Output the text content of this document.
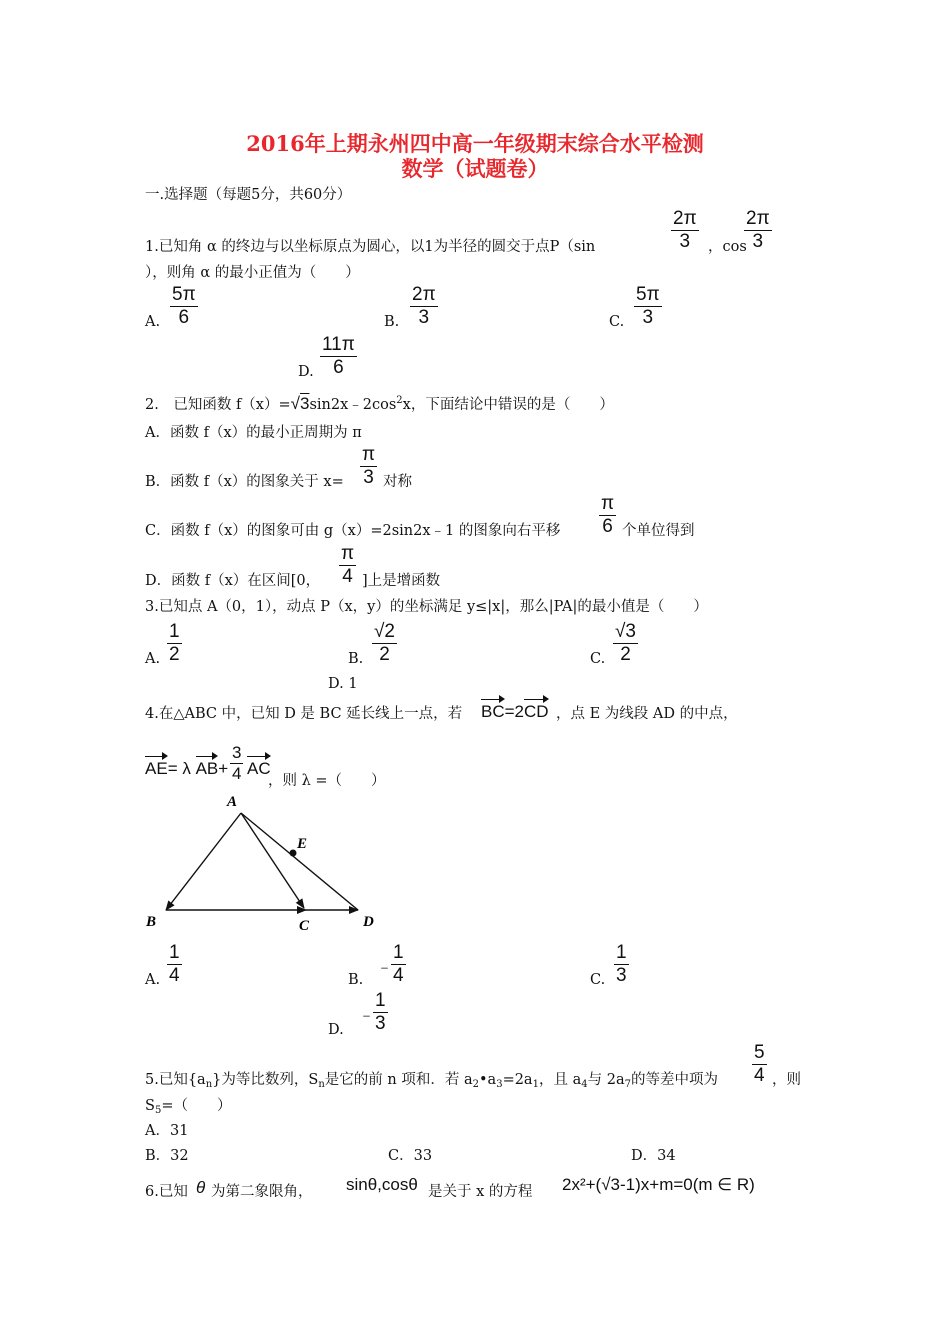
2016年上期永州四中高一年级期末综合水平检测
数学（试题卷）
一.选择题（每题5分，共60分）
2π
3
2π
3
1.已知角 α 的终边与以坐标原点为圆心，以1为半径的圆交于点P（sin	，cos
），则角 α 的最小正值为（　　）
A.
5π
6	B.
2π
3	C.
5π
3
D.
11π
6
2.　已知函数 $f(x)=√3\sin 2x﹣2\cos^2x$，下面结论中错误的是（　　）
A．函数 f（x）的最小正周期为 π
B．函数 f（x）的图象关于 x=
π
3 对称
C．函数 f（x）的图象可由 g（x）=2sin2x﹣1 的图象向右平移
π
6 个单位得到
D．函数 f（x）在区间[0，
π
4 ]上是增函数
3.已知点 A（0，1），动点 P（x，y）的坐标满足 y≤|x|，那么|PA|的最小值是（　　）
A.
1
2	B.
√2
2	C.
√3
2
D. 1
4.在△ABC 中，已知 D 是 BC 延长线上一点，若 BC=2CD ，点 E 为线段 AD 的中点，
AE= λ AB+
3
4 AC
，则 λ =（　　）
A
B	C	D
E
A.
1
4	B.
﹣
1
4	C.
1
3
D.
﹣
1
3
5
4
5.已知$\{a_n\}$为等比数列，$S_n$是它的前 n 项和．若 $a_2•a_3=2a_1$，且 $a_4$与 $2a_7$的等差中项为	，则
$S_5=$（　　）
A．31
B．32	C．33	D．34
6.已知 θ 为第二象限角， sinθ,cosθ 是关于 x 的方程 2x²+(√3-1)x+m=0(m ∈ R)
